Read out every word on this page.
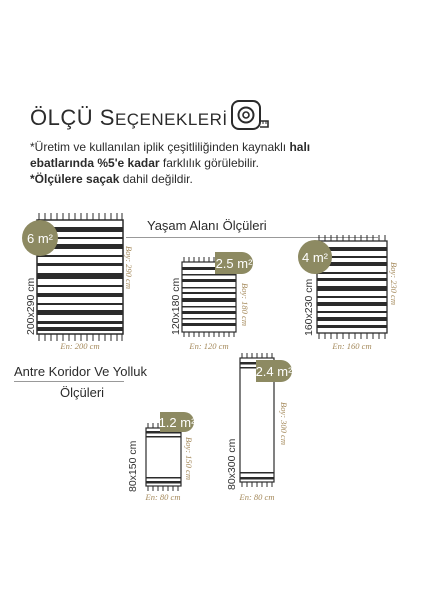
ÖLÇÜ SEÇENEKLERİ
*Üretim ve kullanılan iplik çeşitliliğinden kaynaklı halı
ebatlarında %5'e kadar farklılık görülebilir.
*Ölçülere saçak dahil değildir.
Yaşam Alanı Ölçüleri
Antre Koridor Ve Yolluk
Ölçüleri
200x290 cm
Boy: 290 cm
En: 200 cm
6 m²
120x180 cm	Boy: 180 cm
En: 120 cm
2.5 m²
160x230 cm	Boy: 230 cm
En: 160 cm
4 m²
80x150 cm	Boy: 150 cm
En: 80 cm
1.2 m²
80x300 cm
Boy: 300 cm
En: 80 cm
2.4 m²
